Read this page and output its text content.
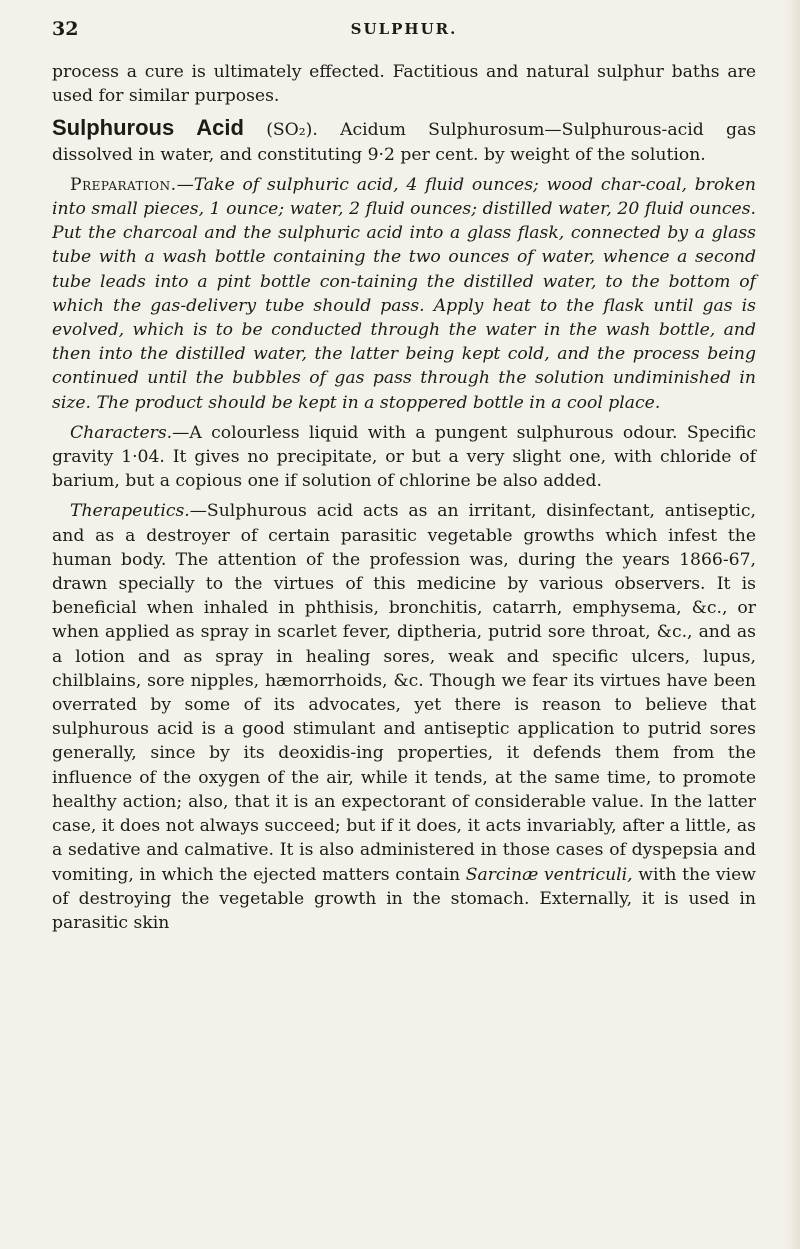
32	SULPHUR.

process a cure is ultimately effected. Factitious and natural sulphur baths are used for similar purposes.

Sulphurous Acid (SO₂). Acidum Sulphurosum—Sulphurous-acid gas dissolved in water, and constituting 9·2 per cent. by weight of the solution.

Preparation.—Take of sulphuric acid, 4 fluid ounces; wood char-coal, broken into small pieces, 1 ounce; water, 2 fluid ounces; distilled water, 20 fluid ounces. Put the charcoal and the sulphuric acid into a glass flask, connected by a glass tube with a wash bottle containing the two ounces of water, whence a second tube leads into a pint bottle con-taining the distilled water, to the bottom of which the gas-delivery tube should pass. Apply heat to the flask until gas is evolved, which is to be conducted through the water in the wash bottle, and then into the distilled water, the latter being kept cold, and the process being continued until the bubbles of gas pass through the solution undiminished in size. The product should be kept in a stoppered bottle in a cool place.

Characters.—A colourless liquid with a pungent sulphurous odour. Specific gravity 1·04. It gives no precipitate, or but a very slight one, with chloride of barium, but a copious one if solution of chlorine be also added.

Therapeutics.—Sulphurous acid acts as an irritant, disinfectant, antiseptic, and as a destroyer of certain parasitic vegetable growths which infest the human body. The attention of the profession was, during the years 1866-67, drawn specially to the virtues of this medicine by various observers. It is beneficial when inhaled in phthisis, bronchitis, catarrh, emphysema, &c., or when applied as spray in scarlet fever, diptheria, putrid sore throat, &c., and as a lotion and as spray in healing sores, weak and specific ulcers, lupus, chilblains, sore nipples, hæmorrhoids, &c. Though we fear its virtues have been overrated by some of its advocates, yet there is reason to believe that sulphurous acid is a good stimulant and antiseptic application to putrid sores generally, since by its deoxidis-ing properties, it defends them from the influence of the oxygen of the air, while it tends, at the same time, to promote healthy action; also, that it is an expectorant of considerable value. In the latter case, it does not always succeed; but if it does, it acts invariably, after a little, as a sedative and calmative. It is also administered in those cases of dyspepsia and vomiting, in which the ejected matters contain Sarcinæ ventriculi, with the view of destroying the vegetable growth in the stomach. Externally, it is used in parasitic skin
